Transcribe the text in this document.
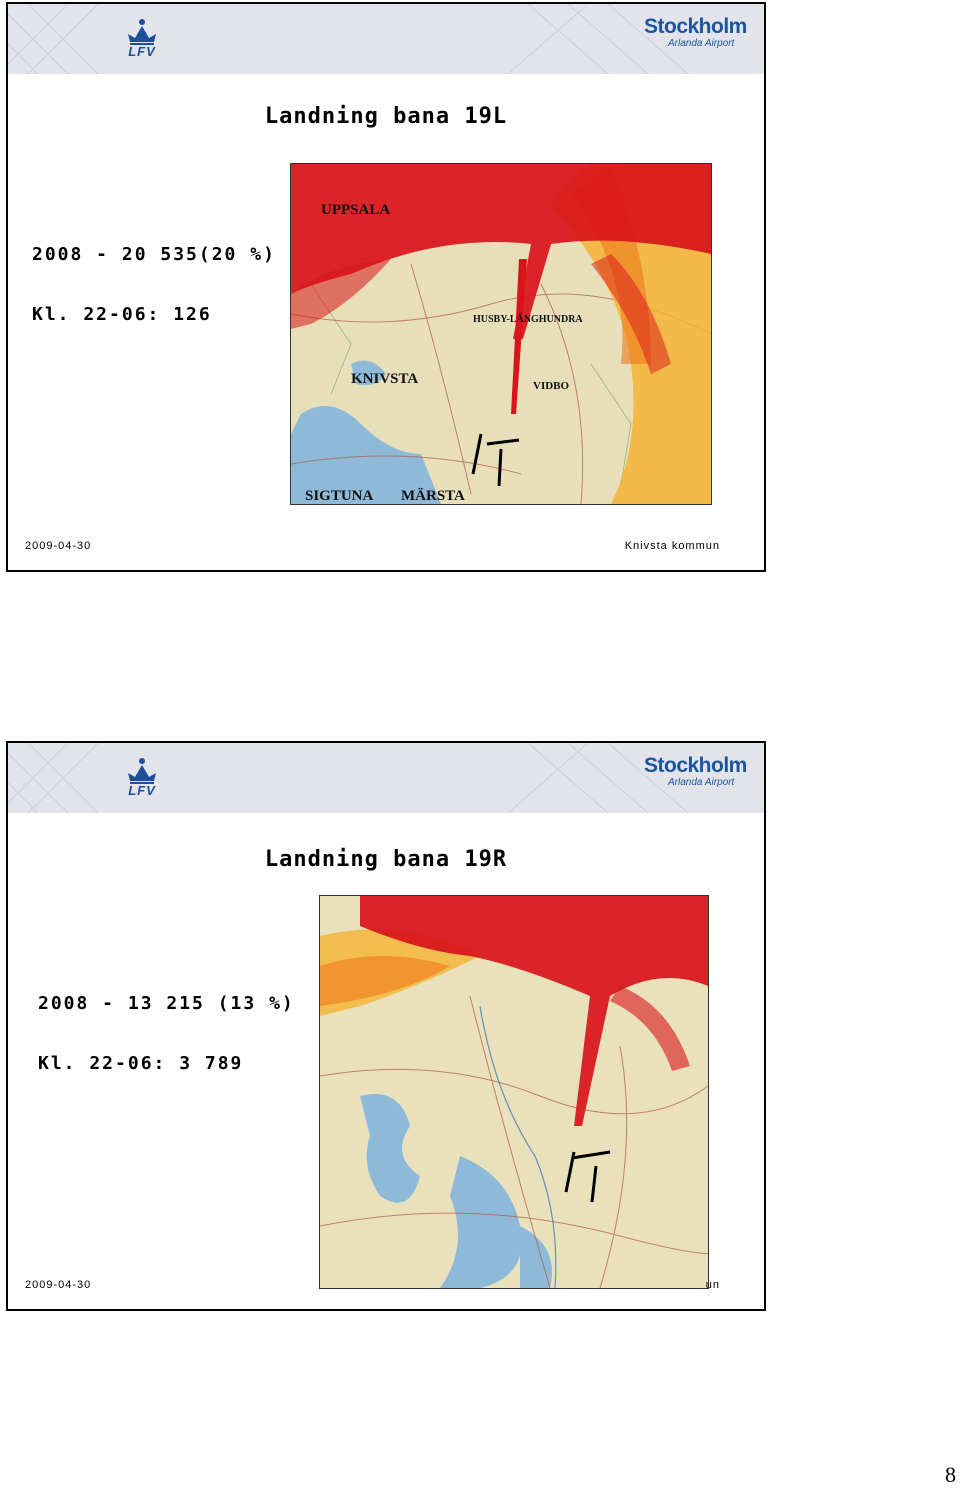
LFV
Stockholm
Arlanda Airport
Landning bana 19L
2008 - 20 535(20 %)
Kl. 22-06: 126
UPPSALA
HUSBY-LÅNGHUNDRA
KNIVSTA	VIDBO
SIGTUNA MÄRSTA
2009-04-30	Knivsta kommun
LFV
Stockholm
Arlanda Airport
Landning bana 19R
2008 - 13 215 (13 %)
Kl. 22-06: 3 789
2009-04-30	un
8
